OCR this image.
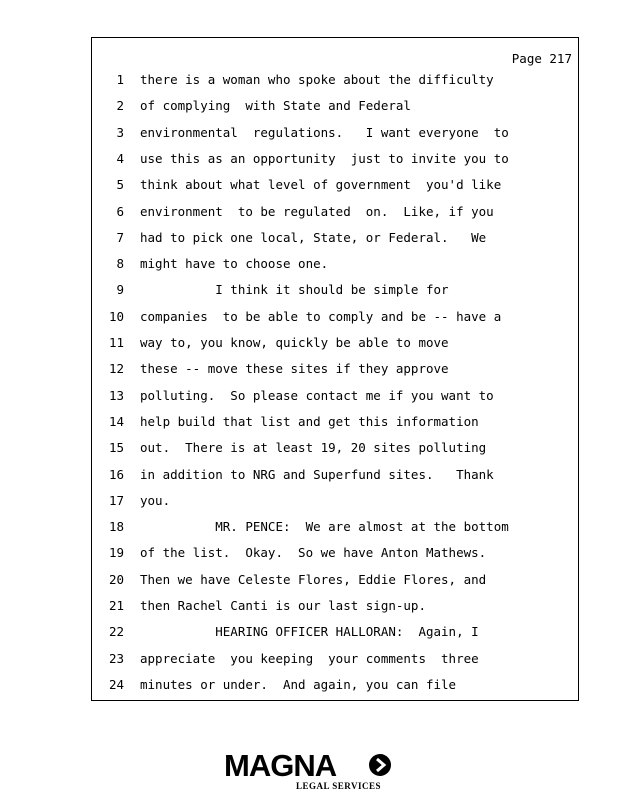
Page 217
1 there is a woman who spoke about the difficulty
2 of complying  with State and Federal
3 environmental  regulations.   I want everyone  to
4 use this as an opportunity  just to invite you to
5 think about what level of government  you'd like
6 environment  to be regulated  on.  Like, if you
7 had to pick one local, State, or Federal.   We
8 might have to choose one.
9 I think it should be simple for
10 companies  to be able to comply and be -- have a
11 way to, you know, quickly be able to move
12 these -- move these sites if they approve
13 polluting.  So please contact me if you want to
14 help build that list and get this information
15 out.  There is at least 19, 20 sites polluting
16 in addition to NRG and Superfund sites.   Thank
17 you.
18 MR. PENCE:  We are almost at the bottom
19 of the list.  Okay.  So we have Anton Mathews.
20 Then we have Celeste Flores, Eddie Flores, and
21 then Rachel Canti is our last sign-up.
22 HEARING OFFICER HALLORAN:  Again, I
23 appreciate  you keeping  your comments  three
24 minutes or under.  And again, you can file
MAGNA
LEGAL SERVICES
